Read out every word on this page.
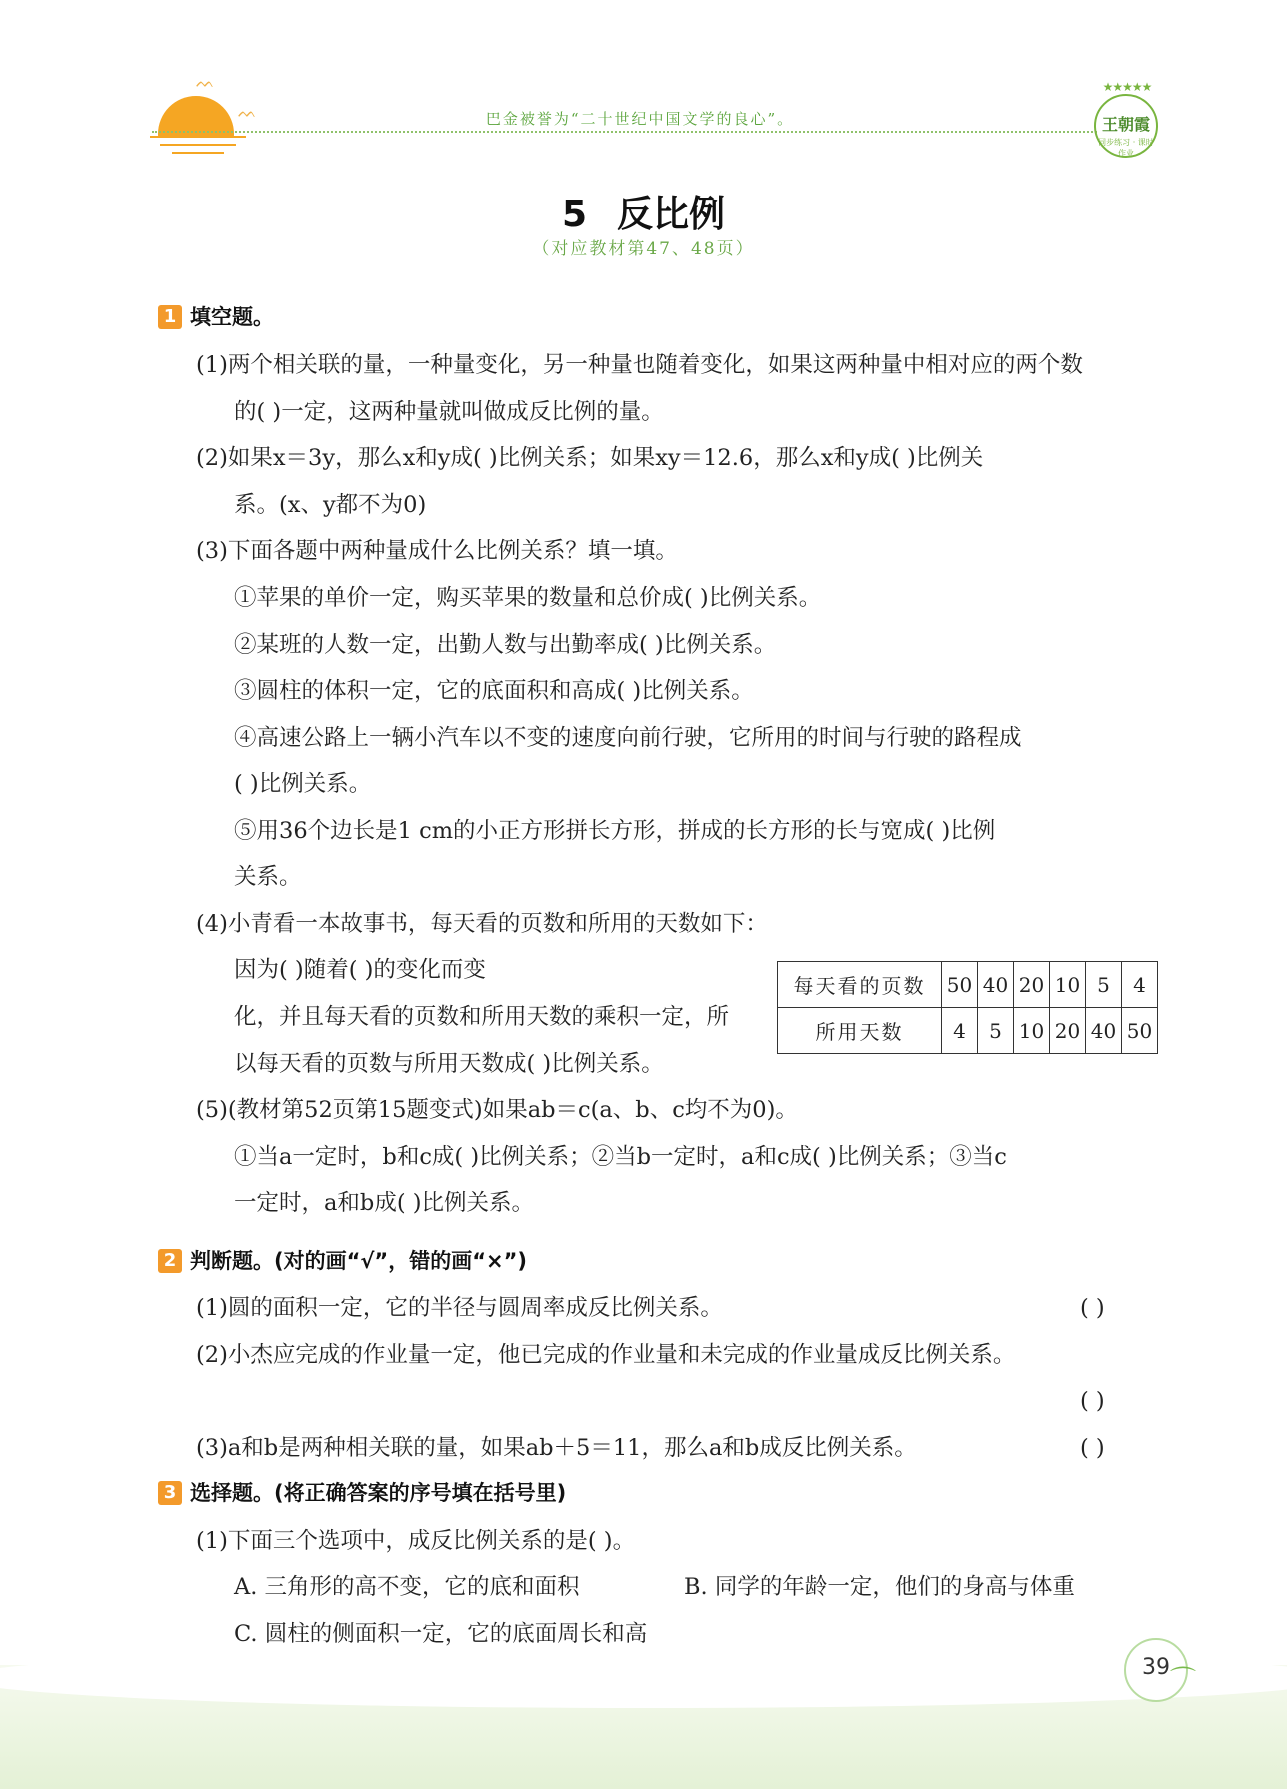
ᨓ
ᨓ	巴金被誉为“二十世纪中国文学的良心”。
★★★★★
王朝霞
同步练习 · 课时作业
5 反比例
（对应教材第47、48页）
1 填空题。
(1)两个相关联的量，一种量变化，另一种量也随着变化，如果这两种量中相对应的两个数
的( )一定，这两种量就叫做成反比例的量。
(2)如果x＝3y，那么x和y成( )比例关系；如果xy＝12.6，那么x和y成( )比例关
系。(x、y都不为0)
(3)下面各题中两种量成什么比例关系？填一填。
①苹果的单价一定，购买苹果的数量和总价成( )比例关系。
②某班的人数一定，出勤人数与出勤率成( )比例关系。
③圆柱的体积一定，它的底面积和高成( )比例关系。
④高速公路上一辆小汽车以不变的速度向前行驶，它所用的时间与行驶的路程成
( )比例关系。
⑤用36个边长是1 cm的小正方形拼长方形，拼成的长方形的长与宽成( )比例
关系。
(4)小青看一本故事书，每天看的页数和所用的天数如下：
因为( )随着( )的变化而变
化，并且每天看的页数和所用天数的乘积一定，所
以每天看的页数与所用天数成( )比例关系。
每天看的页数	50	40	20	10	5	4
所用天数	4	5	10	20	40	50
(5)(教材第52页第15题变式)如果ab＝c(a、b、c均不为0)。
①当a一定时，b和c成( )比例关系；②当b一定时，a和c成( )比例关系；③当c
一定时，a和b成( )比例关系。
2 判断题。(对的画“√”，错的画“×”)
(1)圆的面积一定，它的半径与圆周率成反比例关系。	( )
(2)小杰应完成的作业量一定，他已完成的作业量和未完成的作业量成反比例关系。
( )
(3)a和b是两种相关联的量，如果ab＋5＝11，那么a和b成反比例关系。	( )
3 选择题。(将正确答案的序号填在括号里)
(1)下面三个选项中，成反比例关系的是( )。
A. 三角形的高不变，它的底和面积	B. 同学的年龄一定，他们的身高与体重
C. 圆柱的侧面积一定，它的底面周长和高
39 ⌒
